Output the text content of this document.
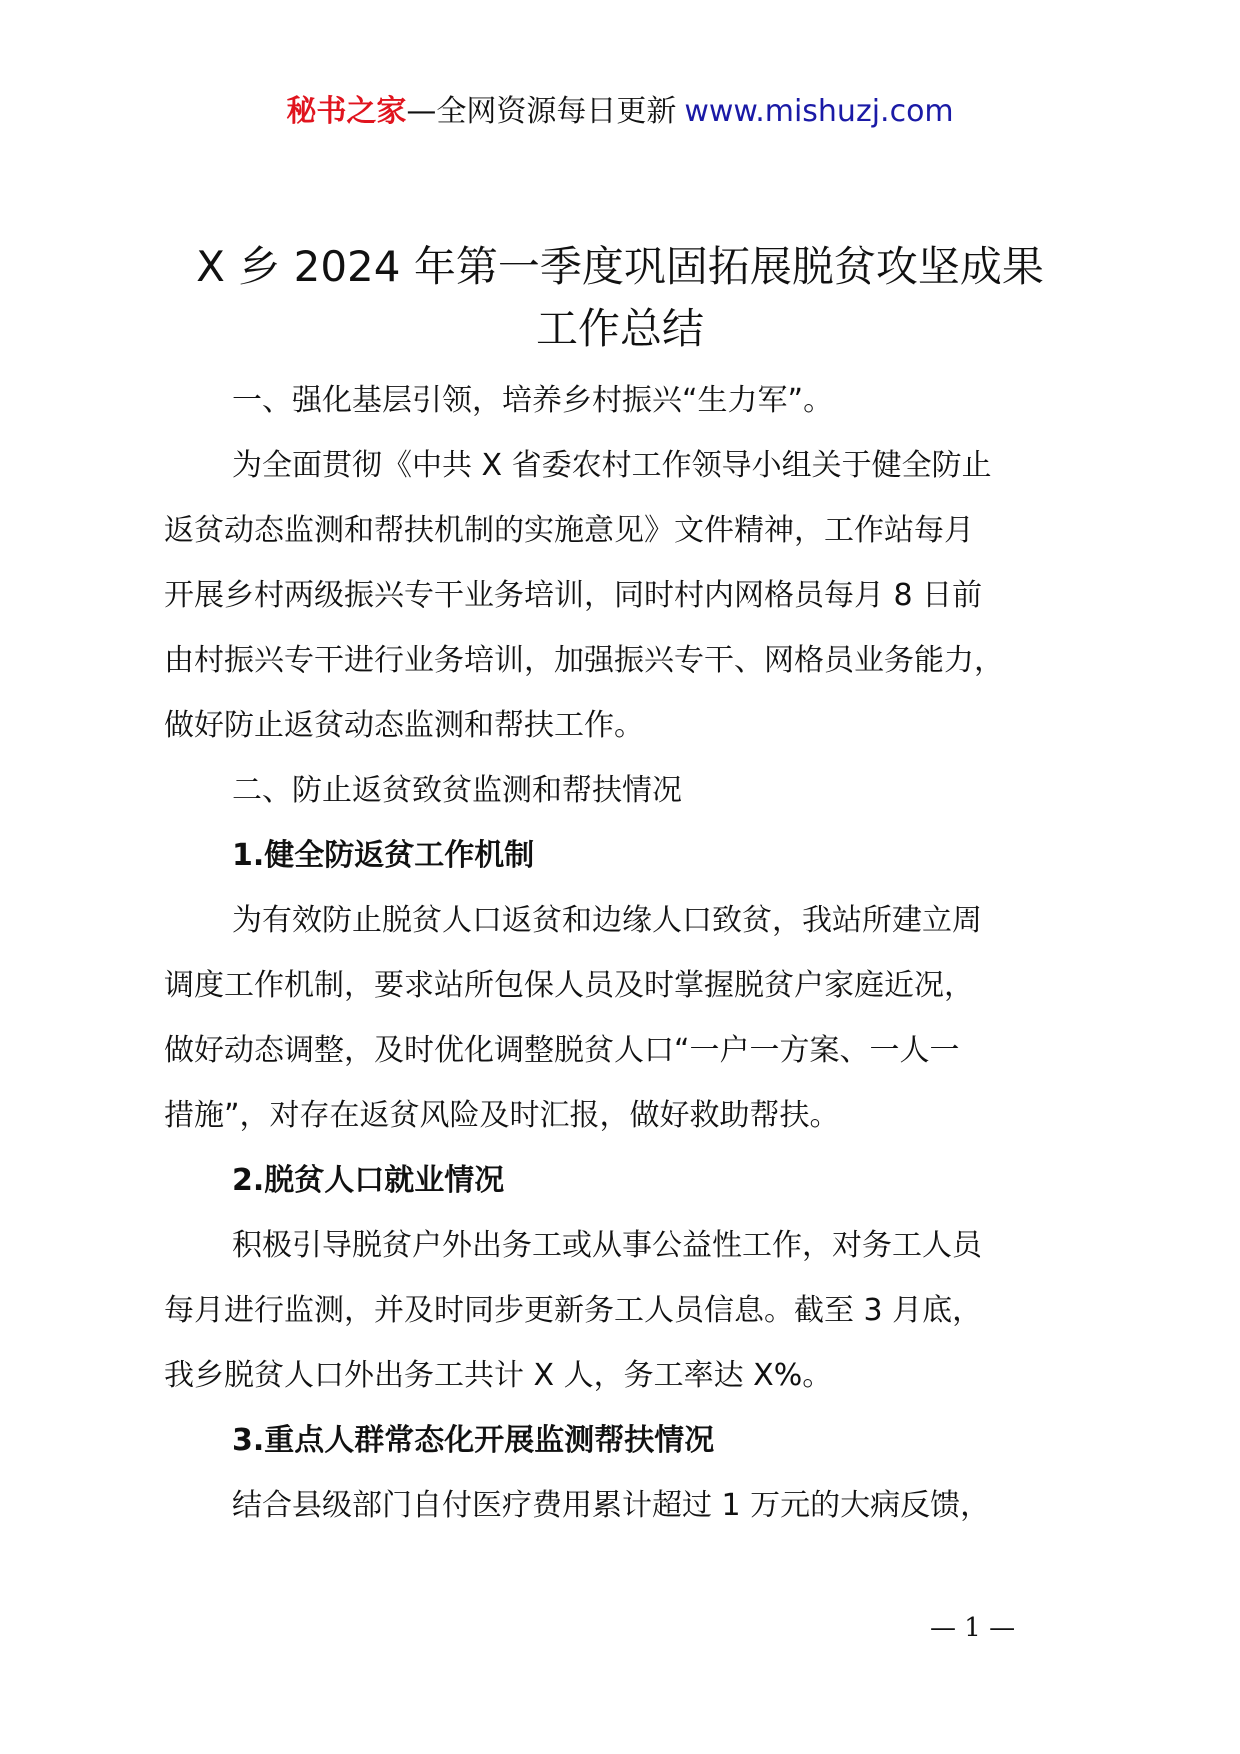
秘书之家—全网资源每日更新 www.mishuzj.com
X 乡 2024 年第一季度巩固拓展脱贫攻坚成果
工作总结

一、强化基层引领，培养乡村振兴“生力军”。

为全面贯彻《中共 X 省委农村工作领导小组关于健全防止

返贫动态监测和帮扶机制的实施意见》文件精神，工作站每月

开展乡村两级振兴专干业务培训，同时村内网格员每月 8 日前

由村振兴专干进行业务培训，加强振兴专干、网格员业务能力，

做好防止返贫动态监测和帮扶工作。

二、防止返贫致贫监测和帮扶情况

1.健全防返贫工作机制

为有效防止脱贫人口返贫和边缘人口致贫，我站所建立周

调度工作机制，要求站所包保人员及时掌握脱贫户家庭近况，

做好动态调整，及时优化调整脱贫人口“一户一方案、一人一

措施”，对存在返贫风险及时汇报，做好救助帮扶。

2.脱贫人口就业情况

积极引导脱贫户外出务工或从事公益性工作，对务工人员

每月进行监测，并及时同步更新务工人员信息。截至 3 月底，

我乡脱贫人口外出务工共计 X 人，务工率达 X%。

3.重点人群常态化开展监测帮扶情况

结合县级部门自付医疗费用累计超过 1 万元的大病反馈，

— 1 —
